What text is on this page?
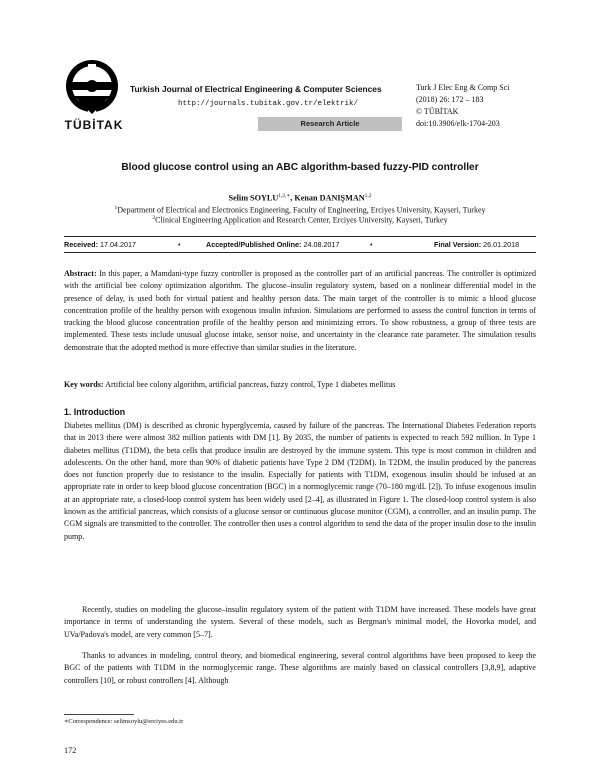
TÜBİTAK
Turkish Journal of Electrical Engineering & Computer Sciences
http://journals.tubitak.gov.tr/elektrik/
Research Article
Turk J Elec Eng & Comp Sci
(2018) 26: 172 – 183
© TÜBİTAK
doi:10.3906/elk-1704-203
Blood glucose control using an ABC algorithm-based fuzzy-PID controller
Selim $SOYLU^{1,2,∗}$, Kenan DANIŞMAN$^{1,2}$
$^1$Department of Electrical and Electronics Engineering, Faculty of Engineering, Erciyes University, Kayseri, Turkey
$^2$Clinical Engineering Application and Research Center, Erciyes University, Kayseri, Turkey
Received: 17.04.2017	•	Accepted/Published Online: 24.08.2017	•	Final Version: 26.01.2018
Abstract: In this paper, a Mamdani-type fuzzy controller is proposed as the controller part of an artificial pancreas. The controller is optimized with the artificial bee colony optimization algorithm. The glucose–insulin regulatory system, based on a nonlinear differential model in the presence of delay, is used both for virtual patient and healthy person data. The main target of the controller is to mimic a blood glucose concentration profile of the healthy person with exogenous insulin infusion. Simulations are performed to assess the control function in terms of tracking the blood glucose concentration profile of the healthy person and minimizing errors. To show robustness, a group of three tests are implemented. These tests include unusual glucose intake, sensor noise, and uncertainty in the clearance rate parameter. The simulation results demonstrate that the adopted method is more effective than similar studies in the literature.
Key words: Artificial bee colony algorithm, artificial pancreas, fuzzy control, Type 1 diabetes mellitus
1. Introduction
Diabetes mellitus (DM) is described as chronic hyperglycemia, caused by failure of the pancreas. The International Diabetes Federation reports that in 2013 there were almost 382 million patients with DM [1]. By 2035, the number of patients is expected to reach 592 million. In Type 1 diabetes mellitus (T1DM), the beta cells that produce insulin are destroyed by the immune system. This type is most common in children and adolescents. On the other hand, more than 90% of diabetic patients have Type 2 DM (T2DM). In T2DM, the insulin produced by the pancreas does not function properly due to resistance to the insulin. Especially for patients with T1DM, exogenous insulin should be infused at an appropriate rate in order to keep blood glucose concentration (BGC) in a normoglycemic range (70–180 mg/dL [2]). To infuse exogenous insulin at an appropriate rate, a closed-loop control system has been widely used [2–4], as illustrated in Figure 1. The closed-loop control system is also known as the artificial pancreas, which consists of a glucose sensor or continuous glucose monitor (CGM), a controller, and an insulin pump. The CGM signals are transmitted to the controller. The controller then uses a control algorithm to send the data of the proper insulin dose to the insulin pump.
Recently, studies on modeling the glucose–insulin regulatory system of the patient with T1DM have increased. These models have great importance in terms of understanding the system. Several of these models, such as Bergman's minimal model, the Hovorka model, and UVa/Padova's model, are very common [5–7].
Thanks to advances in modeling, control theory, and biomedical engineering, several control algorithms have been proposed to keep the BGC of the patients with T1DM in the normoglycemic range. These algorithms are mainly based on classical controllers [3,8,9], adaptive controllers [10], or robust controllers [4]. Although
∗Correspondence: selimsoylu@erciyes.edu.tr
172
